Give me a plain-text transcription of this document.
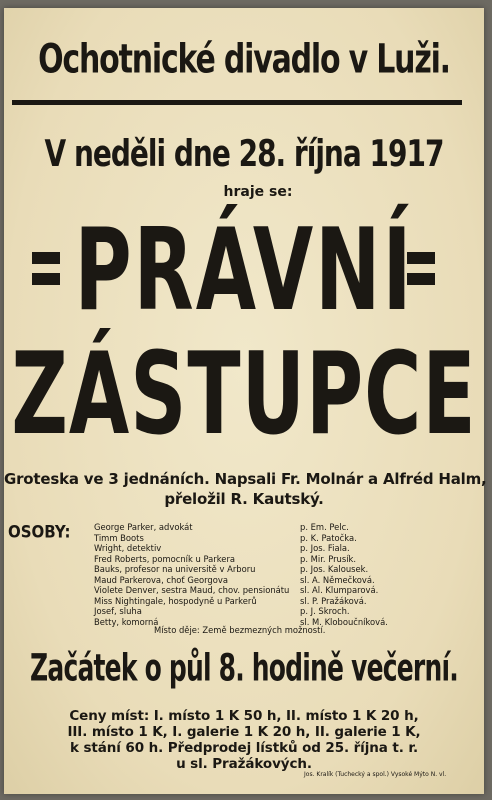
Ochotnické divadlo v Luži.

V neděli dne 28. října 1917

hraje se:

PRÁVNÍ

ZÁSTUPCE

Groteska ve 3 jednáních. Napsali Fr. Molnár a Alfréd Halm,

přeložil R. Kautský.

OSOBY:	George Parker, advokát	p. Em. Pelc.

Timm Boots	p. K. Patočka.

Wright, detektiv	p. Jos. Fiala.

Fred Roberts, pomocník u Parkera	p. Mir. Prusík.

Bauks, profesor na universitě v Arboru	p. Jos. Kalousek.

Maud Parkerova, choť Georgova	sl. A. Němečková.

Violete Denver, sestra Maud, chov. pensionátu sl. Al. Klumparová.

Miss Nightingale, hospodyně u Parkerů	sl. P. Pražáková.

Josef, sluha	p. J. Skroch.

Betty, komorná	sl. M. Kloboučníková.

Místo děje: Země bezmezných možností.

Začátek o půl 8. hodině večerní.

Ceny míst: I. místo 1 K 50 h, II. místo 1 K 20 h,

III. místo 1 K, I. galerie 1 K 20 h, II. galerie 1 K,

k stání 60 h. Předprodej lístků od 25. října t. r.

u sl. Pražákových.

Jos. Kralík (Tuchecký a spol.) Vysoké Mýto N. vl.
